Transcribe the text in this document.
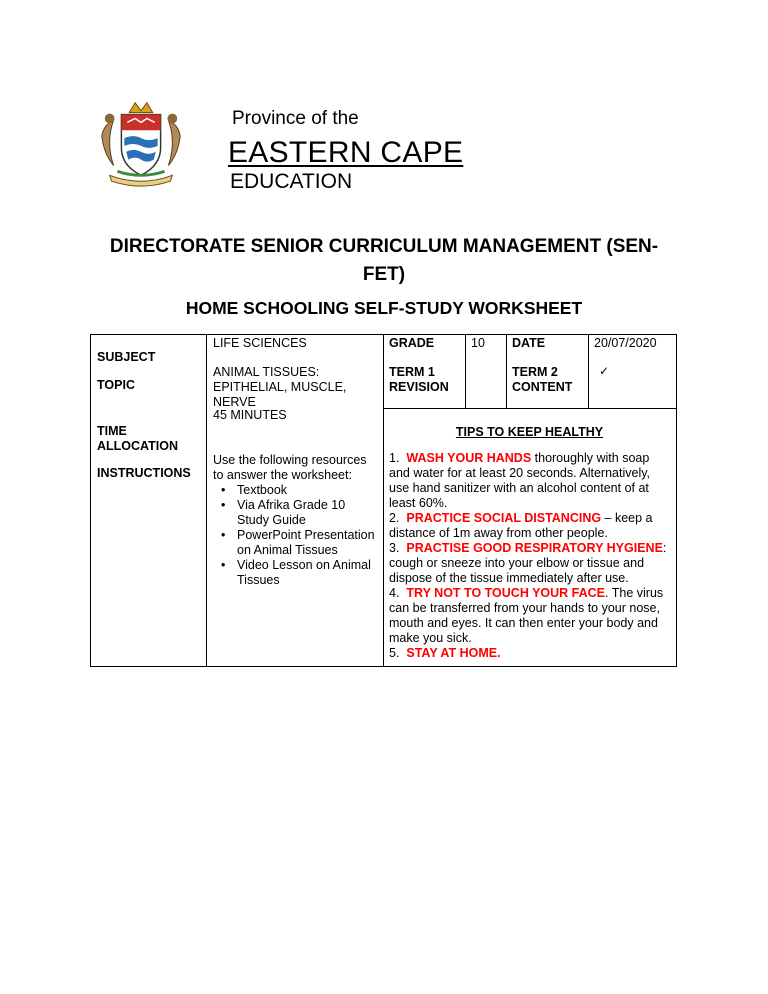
Province of the
EASTERN CAPE
EDUCATION
DIRECTORATE SENIOR CURRICULUM MANAGEMENT (SEN-
FET)
HOME SCHOOLING SELF-STUDY WORKSHEET
SUBJECT
TOPIC
TIME ALLOCATION
INSTRUCTIONS
LIFE SCIENCES
ANIMAL TISSUES: EPITHELIAL, MUSCLE, NERVE
45 MINUTES
Use the following resources to answer the worksheet:
• Textbook
• Via Afrika Grade 10 Study Guide
• PowerPoint Presentation on Animal Tissues
• Video Lesson on Animal Tissues
GRADE	10 DATE	20/07/2020
TERM 1 REVISION
TERM 2 CONTENT
✓
TIPS TO KEEP HEALTHY
1. WASH YOUR HANDS thoroughly with soap and water for at least 20 seconds. Alternatively, use hand sanitizer with an alcohol content of at least 60%.
2. PRACTICE SOCIAL DISTANCING – keep a distance of 1m away from other people.
3. PRACTISE GOOD RESPIRATORY HYGIENE: cough or sneeze into your elbow or tissue and dispose of the tissue immediately after use.
4. TRY NOT TO TOUCH YOUR FACE. The virus can be transferred from your hands to your nose, mouth and eyes. It can then enter your body and make you sick.
5. STAY AT HOME.
